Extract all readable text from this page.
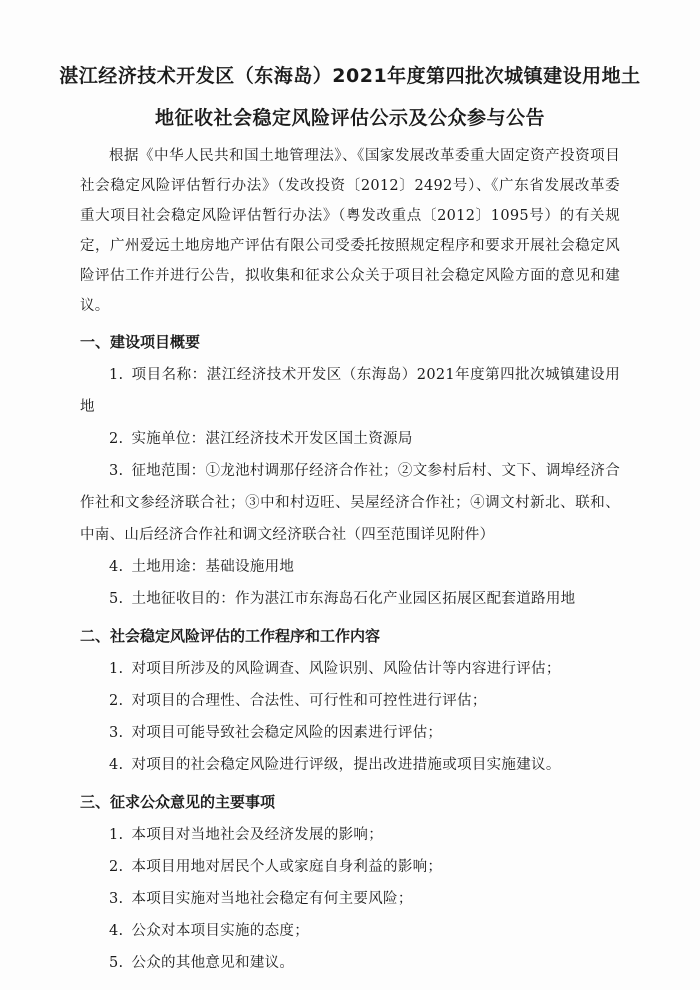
湛江经济技术开发区（东海岛）2021年度第四批次城镇建设用地土
地征收社会稳定风险评估公示及公众参与公告
根据《中华人民共和国土地管理法》、《国家发展改革委重大固定资产投资项目社会稳定风险评估暂行办法》（发改投资〔2012〕2492号）、《广东省发展改革委重大项目社会稳定风险评估暂行办法》（粤发改重点〔2012〕1095号）的有关规定，广州爱远土地房地产评估有限公司受委托按照规定程序和要求开展社会稳定风险评估工作并进行公告，拟收集和征求公众关于项目社会稳定风险方面的意见和建议。
一、建设项目概要
1. 项目名称：湛江经济技术开发区（东海岛）2021年度第四批次城镇建设用地
2. 实施单位：湛江经济技术开发区国土资源局
3. 征地范围：①龙池村调那仔经济合作社；②文参村后村、文下、调埠经济合作社和文参经济联合社；③中和村迈旺、吴屋经济合作社；④调文村新北、联和、中南、山后经济合作社和调文经济联合社（四至范围详见附件）
4. 土地用途：基础设施用地
5. 土地征收目的：作为湛江市东海岛石化产业园区拓展区配套道路用地
二、社会稳定风险评估的工作程序和工作内容
1. 对项目所涉及的风险调查、风险识别、风险估计等内容进行评估；
2. 对项目的合理性、合法性、可行性和可控性进行评估；
3. 对项目可能导致社会稳定风险的因素进行评估；
4. 对项目的社会稳定风险进行评级，提出改进措施或项目实施建议。
三、征求公众意见的主要事项
1. 本项目对当地社会及经济发展的影响；
2. 本项目用地对居民个人或家庭自身利益的影响；
3. 本项目实施对当地社会稳定有何主要风险；
4. 公众对本项目实施的态度；
5. 公众的其他意见和建议。
